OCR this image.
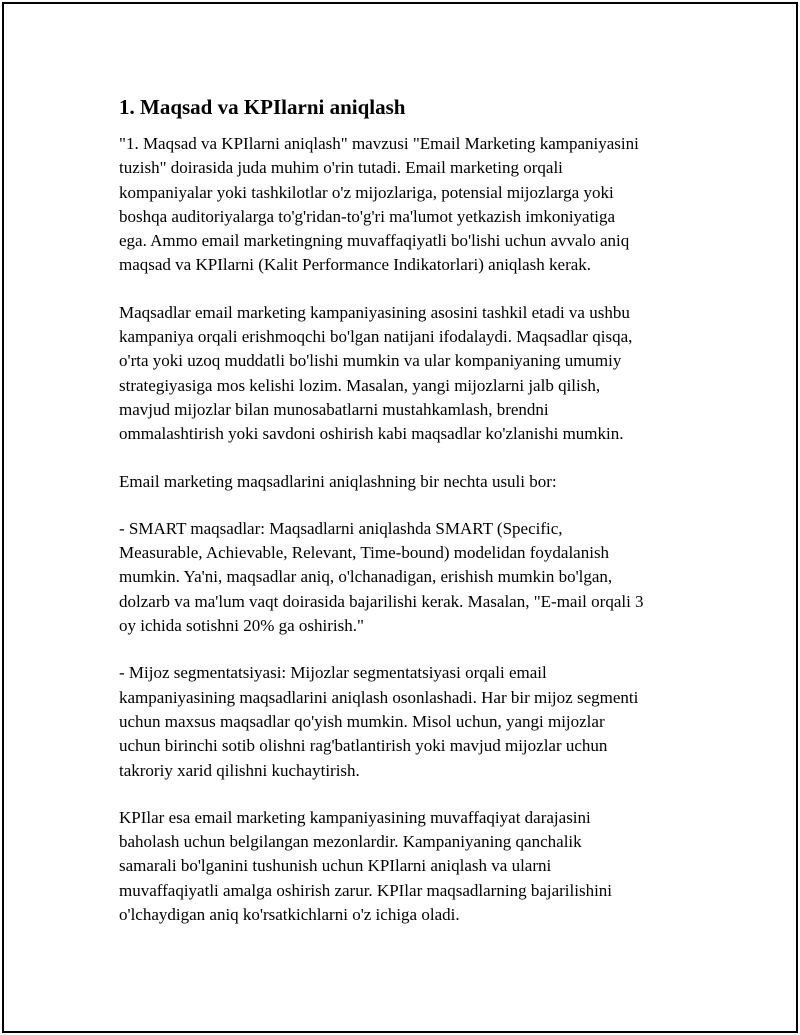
1. Maqsad va KPIlarni aniqlash

"1. Maqsad va KPIlarni aniqlash" mavzusi "Email Marketing kampaniyasini
tuzish" doirasida juda muhim o'rin tutadi. Email marketing orqali
kompaniyalar yoki tashkilotlar o'z mijozlariga, potensial mijozlarga yoki
boshqa auditoriyalarga to'g'ridan-to'g'ri ma'lumot yetkazish imkoniyatiga
ega. Ammo email marketingning muvaffaqiyatli bo'lishi uchun avvalo aniq
maqsad va KPIlarni (Kalit Performance Indikatorlari) aniqlash kerak.

Maqsadlar email marketing kampaniyasining asosini tashkil etadi va ushbu
kampaniya orqali erishmoqchi bo'lgan natijani ifodalaydi. Maqsadlar qisqa,
o'rta yoki uzoq muddatli bo'lishi mumkin va ular kompaniyaning umumiy
strategiyasiga mos kelishi lozim. Masalan, yangi mijozlarni jalb qilish,
mavjud mijozlar bilan munosabatlarni mustahkamlash, brendni
ommalashtirish yoki savdoni oshirish kabi maqsadlar ko'zlanishi mumkin.

Email marketing maqsadlarini aniqlashning bir nechta usuli bor:

- SMART maqsadlar: Maqsadlarni aniqlashda SMART (Specific,
Measurable, Achievable, Relevant, Time-bound) modelidan foydalanish
mumkin. Ya'ni, maqsadlar aniq, o'lchanadigan, erishish mumkin bo'lgan,
dolzarb va ma'lum vaqt doirasida bajarilishi kerak. Masalan, "E-mail orqali 3
oy ichida sotishni 20% ga oshirish."

- Mijoz segmentatsiyasi: Mijozlar segmentatsiyasi orqali email
kampaniyasining maqsadlarini aniqlash osonlashadi. Har bir mijoz segmenti
uchun maxsus maqsadlar qo'yish mumkin. Misol uchun, yangi mijozlar
uchun birinchi sotib olishni rag'batlantirish yoki mavjud mijozlar uchun
takroriy xarid qilishni kuchaytirish.

KPIlar esa email marketing kampaniyasining muvaffaqiyat darajasini
baholash uchun belgilangan mezonlardir. Kampaniyaning qanchalik
samarali bo'lganini tushunish uchun KPIlarni aniqlash va ularni
muvaffaqiyatli amalga oshirish zarur. KPIlar maqsadlarning bajarilishini
o'lchaydigan aniq ko'rsatkichlarni o'z ichiga oladi.
